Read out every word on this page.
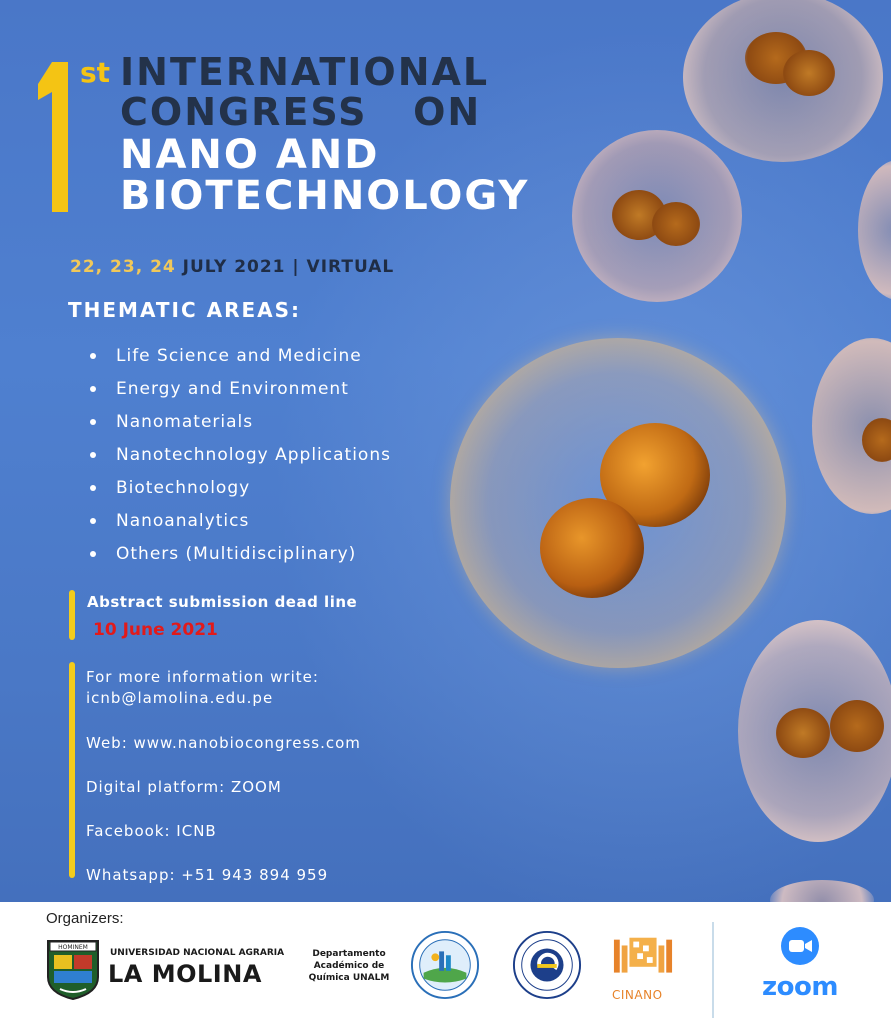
st INTERNATIONAL
CONGRESS   ON
NANO AND
BIOTECHNOLOGY
22, 23, 24 JULY 2021 | VIRTUAL
THEMATIC AREAS:
Life Science and Medicine
Energy and Environment
Nanomaterials
Nanotechnology Applications
Biotechnology
Nanoanalytics
Others (Multidisciplinary)
Abstract submission dead line
10 June 2021
For more information write:
icnb@lamolina.edu.pe
Web: www.nanobiocongress.com
Digital platform: ZOOM
Facebook: ICNB
Whatsapp: +51 943 894 959
Organizers:
HOMINEM
UNIVERSIDAD NACIONAL AGRARIA
LA MOLINA
Departamento
Académico de
Química UNALM
CINANO	zoom
